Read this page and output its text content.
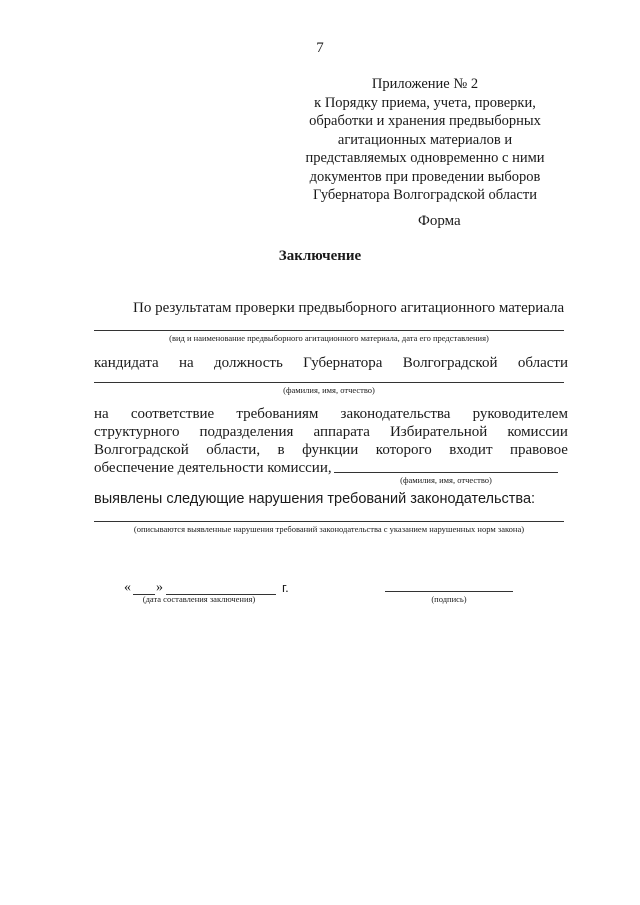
7
Приложение № 2
к Порядку приема, учета, проверки,
обработки и хранения предвыборных
агитационных материалов и
представляемых одновременно с ними
документов при проведении выборов
Губернатора Волгоградской области
Форма
Заключение
По результатам проверки предвыборного агитационного материала
(вид и наименование предвыборного агитационного материала, дата его представления)
кандидата на должность Губернатора Волгоградской области
(фамилия, имя, отчество)
на соответствие требованиям законодательства руководителем
структурного подразделения аппарата Избирательной комиссии
Волгоградской области, в функции которого входит правовое
обеспечение деятельности комиссии,
(фамилия, имя, отчество)
выявлены следующие нарушения требований законодательства:
(описываются выявленные нарушения требований законодательства с указанием нарушенных норм закона)
« »	г.
(дата составления заключения)	(подпись)
